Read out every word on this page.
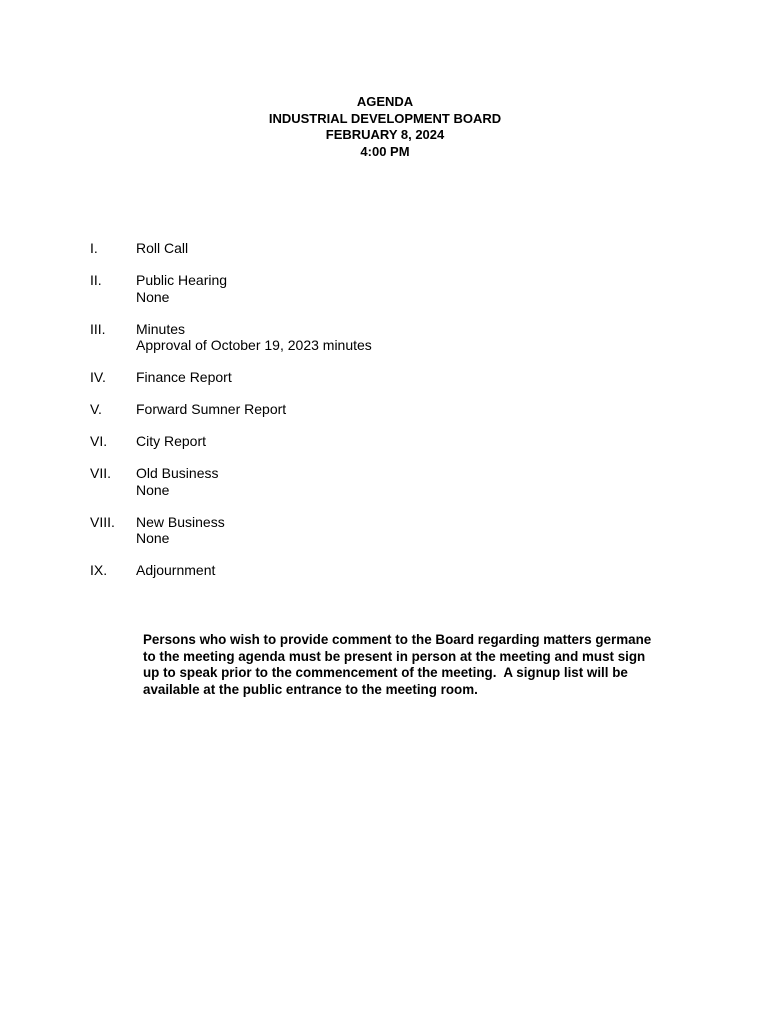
AGENDA
INDUSTRIAL DEVELOPMENT BOARD
FEBRUARY 8, 2024
4:00 PM
I.	Roll Call
II.	Public Hearing
None
III.	Minutes
Approval of October 19, 2023 minutes
IV.	Finance Report
V.	Forward Sumner Report
VI.	City Report
VII.	Old Business
None
VIII.	New Business
None
IX.	Adjournment
Persons who wish to provide comment to the Board regarding matters germane
to the meeting agenda must be present in person at the meeting and must sign
up to speak prior to the commencement of the meeting.  A signup list will be
available at the public entrance to the meeting room.
